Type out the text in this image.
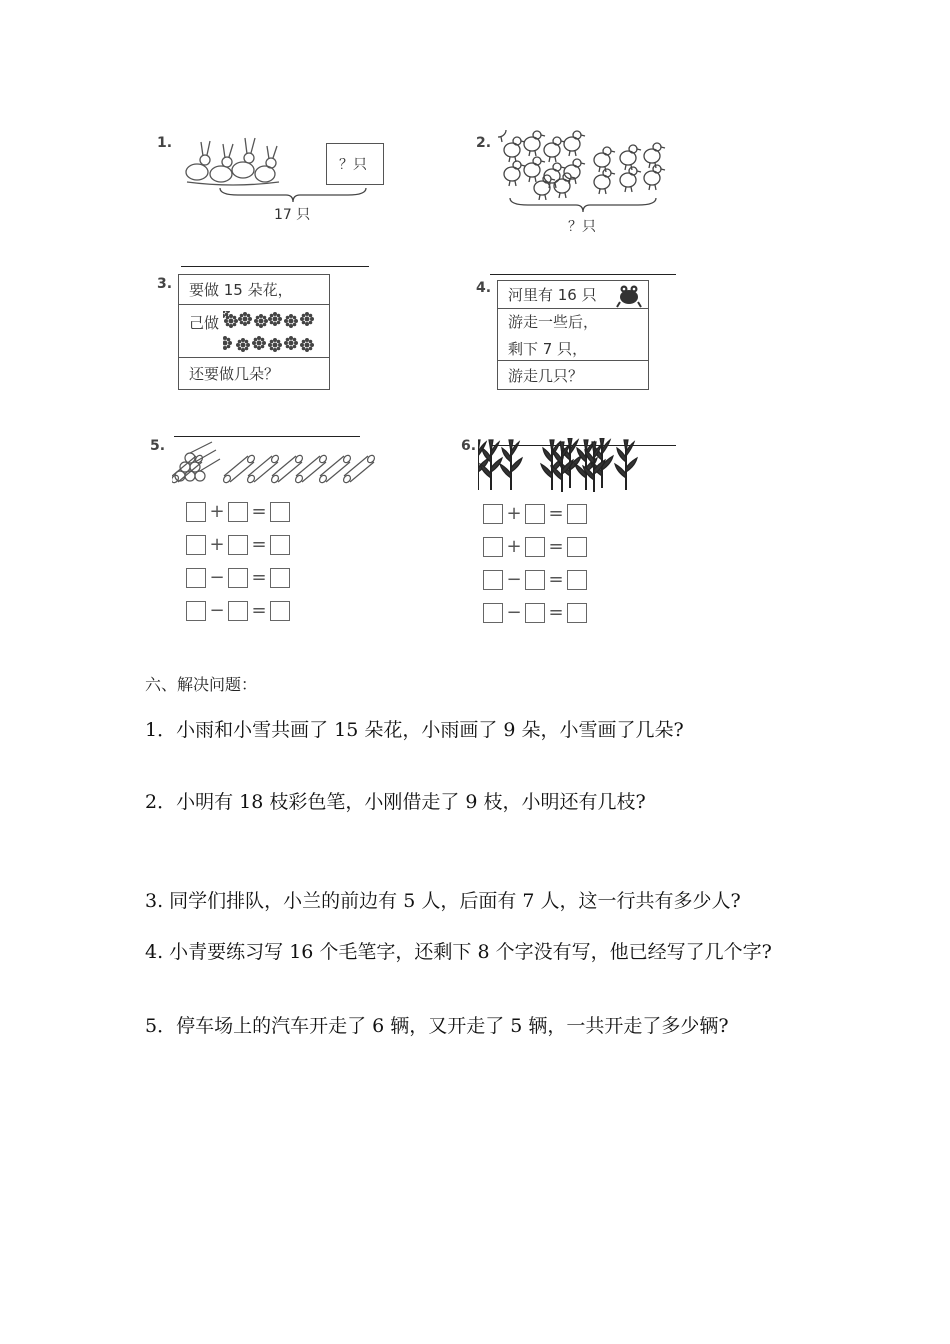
1.
？只
17 只
2.
？只
3. 要做 15 朵花，
己做
还要做几朵？
4. 河里有 16 只
游走一些后，
剩下 7 只，
游走几只？
5.
+ =
+ =
− =
− =
6.
+ =
+ =
− =
− =
六、解决问题：
1．小雨和小雪共画了 15 朵花，小雨画了 9 朵，小雪画了几朵?
2．小明有 18 枝彩色笔，小刚借走了 9 枝，小明还有几枝?
3. 同学们排队，小兰的前边有 5 人，后面有 7 人，这一行共有多少人?
4. 小青要练习写 16 个毛笔字，还剩下 8 个字没有写，他已经写了几个字?
5．停车场上的汽车开走了 6 辆，又开走了 5 辆，一共开走了多少辆?
